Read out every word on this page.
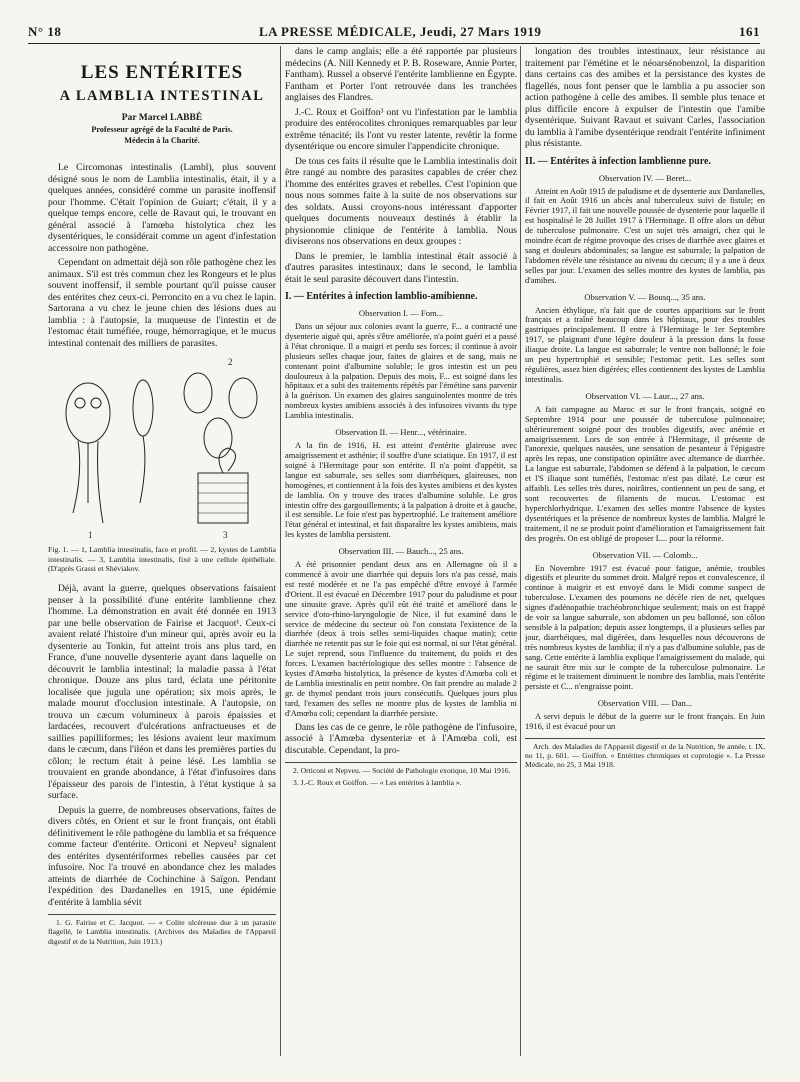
N° 18	LA PRESSE MÉDICALE, Jeudi, 27 Mars 1919	161
LES ENTÉRITES
A LAMBLIA INTESTINAL
Par Marcel LABBÉ
Professeur agrégé de la Faculté de Paris.
Médecin à la Charité.

Le Circomonas intestinalis (Lambl), plus souvent désigné sous le nom de Lamblia intestinalis, était, il y a quelques années, considéré comme un parasite inoffensif pour l'homme. C'était l'opinion de Guiart; c'était, il y a quelque temps encore, celle de Ravaut qui, le trouvant en général associé à l'amœba histolytica chez les dysentériques, le considérait comme un agent d'infestation accessoire non pathogène.

Cependant on admettait déjà son rôle pathogène chez les animaux. S'il est très commun chez les Rongeurs et le plus souvent inoffensif, il semble pourtant qu'il puisse causer des entérites chez ceux-ci. Perroncito en a vu chez le lapin. Sartorana a vu chez le jeune chien des lésions dues au lamblia : à l'autopsie, la muqueuse de l'intestin et de l'estomac était tuméfiée, rouge, hémorragique, et le mucus intestinal contenait des milliers de parasites.

1
2
3
Fig. 1. — 1, Lamblia intestinalis, face et profil. — 2, kystes de Lamblia intestinalis. — 3, Lamblia intestinalis, fixé à une cellule épithéliale. (D'après Grassi et Shéviakov.

Déjà, avant la guerre, quelques observations faisaient penser à la possibilité d'une entérite lamblienne chez l'homme. La démonstration en avait été donnée en 1913 par une belle observation de Fairise et Jacquot¹. Ceux-ci avaient relaté l'histoire d'un mineur qui, après avoir eu la dysenterie au Tonkin, fut atteint trois ans plus tard, en France, d'une nouvelle dysenterie ayant dans laquelle on découvrit le lamblia intestinal; la maladie passa à l'état chronique. Douze ans plus tard, éclata une péritonite localisée que jugula une opération; six mois après, le malade mourut d'occlusion intestinale. A l'autopsie, on trouva un cæcum volumineux à parois épaissies et lardacées, recouvert d'ulcérations anfractueuses et de saillies papilliformes; les lésions avaient leur maximum dans le cæcum, dans l'iléon et dans les premières parties du côlon; le rectum était à peine lésé. Les lamblia se trouvaient en grande abondance, à l'état d'infusoires dans l'épaisseur des parois de l'intestin, à l'état kystique à sa surface.

Depuis la guerre, de nombreuses observations, faites de divers côtés, en Orient et sur le front français, ont établi définitivement le rôle pathogène du lamblia et sa fréquence comme facteur d'entérite. Orticoni et Nepveu² signalent des entérites dysentériformes rebelles causées par cet infusoire. Noc l'a trouvé en abondance chez les malades atteints de diarrhée de Cochinchine à Saïgon. Pendant l'expédition des Dardanelles en 1915, une épidémie d'entérite à lamblia sévit

1. G. Fairise et C. Jacquot. — « Colite ulcéreuse due à un parasite flagellé, le Lamblia intestinalis. (Archives des Maladies de l'Appareil digestif et de la Nutrition, Juin 1913.)

dans le camp anglais; elle a été rapportée par plusieurs médecins (A. Nill Kennedy et P. B. Roseware, Annie Porter, Fantham). Russel a observé l'entérite lamblienne en Égypte. Fantham et Porter l'ont retrouvée dans les tranchées anglaises des Flandres.

J.-C. Roux et Goiffon³ ont vu l'infestation par le lamblia produire des entérocolites chroniques remarquables par leur extrême ténacité; ils l'ont vu rester latente, revêtir la forme dysentérique ou encore simuler l'appendicite chronique.

De tous ces faits il résulte que le Lamblia intestinalis doit être rangé au nombre des parasites capables de créer chez l'homme des entérites graves et rebelles. C'est l'opinion que nous nous sommes faite à la suite de nos observations sur des soldats. Aussi croyons-nous intéressant d'apporter quelques documents nouveaux destinés à établir la physionomie clinique de l'entérite à lamblia. Nous diviserons nos observations en deux groupes :

Dans le premier, le lamblia intestinal était associé à d'autres parasites intestinaux; dans le second, le lamblia était le seul parasite découvert dans l'intestin.

I. — Entérites à infection lamblio-amibienne.
Observation I. — Fom...

Dans un séjour aux colonies avant la guerre, F... a contracté une dysenterie aiguë qui, après s'être améliorée, n'a point guéri et a passé à l'état chronique. Il a maigri et perdu ses forces; il continue à avoir plusieurs selles chaque jour, faites de glaires et de sang, mais ne contenant point d'albumine soluble; le gros intestin est un peu douloureux à la palpation. Depuis des mois, F... est soigné dans les hôpitaux et a subi des traitements répétés par l'émétine sans parvenir à la guérison. Un examen des glaires sanguinolentes montre de très nombreux kystes amibiens associés à des infusoires vivants du type Lamblia intestinalis.

Observation II. — Henr..., vétérinaire.

A la fin de 1916, H. est atteint d'entérite glaireuse avec amaigrissement et asthénie; il souffre d'une sciatique. En 1917, il est soigné à l'Hermitage pour son entérite. Il n'a point d'appétit, sa langue est saburrale, ses selles sont diarrhéiques, glaireuses, non homogènes, et contiennent à la fois des kystes amibiens et des kystes de lamblia. On y trouve des traces d'albumine soluble. Le gros intestin offre des gargouillements; à la palpation à droite et à gauche, il est sensible. Le foie n'est pas hypertrophié. Le traitement améliore l'état général et intestinal, et fait disparaître les kystes amibiens, mais les kystes de lamblia persistent.

Observation III. — Bauch..., 25 ans.

A été prisonnier pendant deux ans en Allemagne où il a commencé à avoir une diarrhée qui depuis lors n'a pas cessé, mais est resté modérée et ne l'a pas empêché d'être envoyé à l'armée d'Orient. Il est évacué en Décembre 1917 pour du paludisme et pour une sinusite grave. Après qu'il eût été traité et amélioré dans le service d'oto-rhino-laryngologie de Nice, il fut examiné dans le service de médecine du secteur où l'on constata l'existence de la diarrhée (deux à trois selles semi-liquides chaque matin); cette diarrhée ne retentit pas sur le foie qui est normal, ni sur l'état général. Le sujet reprend, sous l'influence du traitement, du poids et des forces. L'examen bactériologique des selles montre : l'absence de kystes d'Amœba histolytica, la présence de kystes d'Amœba coli et de Lamblia intestinalis en petit nombre. On fait prendre au malade 2 gr. de thymol pendant trois jours consécutifs. Quelques jours plus tard, l'examen des selles ne montre plus de kystes de lamblia ni d'Amœba coli; cependant la diarrhée persiste.

Dans les cas de ce genre, le rôle pathogène de l'infusoire, associé à l'Amœba dysenteriæ et à l'Amœba coli, est discutable. Cependant, la pro-

2. Orticoni et Nepveu. — Société de Pathologie exotique, 10 Mai 1916.

3. J.-C. Roux et Goiffon. — « Les entérites à lamblia ».

longation des troubles intestinaux, leur résistance au traitement par l'émétine et le néoarsénobenzol, la disparition dans certains cas des amibes et la persistance des kystes de flagellés, nous font penser que le lamblia a pu associer son action pathogène à celle des amibes. Il semble plus tenace et plus difficile encore à expulser de l'intestin que l'amibe dysentérique. Suivant Ravaut et suivant Carles, l'association du lamblia à l'amibe dysentérique rendrait l'entérite infiniment plus résistante.

II. — Entérites à infection lamblienne pure.
Observation IV. — Beret...

Atteint en Août 1915 de paludisme et de dysenterie aux Dardanelles, il fait en Août 1916 un abcès anal tuberculeux suivi de fistule; en Février 1917, il fait une nouvelle poussée de dysenterie pour laquelle il est hospitalisé le 28 Juillet 1917 à l'Hermitage. Il offre alors un début de tuberculose pulmonaire. C'est un sujet très amaigri, chez qui le moindre écart de régime provoque des crises de diarrhée avec glaires et sang et douleurs abdominales; sa langue est saburrale; la palpation de l'abdomen révèle une résistance au niveau du cæcum; il y a une à deux selles par jour. L'examen des selles montre des kystes de lamblia, pas d'amibes.

Observation V. — Bousq..., 35 ans.

Ancien éthylique, n'a fait que de courtes apparitions sur le front français et a traîné beaucoup dans les hôpitaux, pour des troubles gastriques principalement. Il entre à l'Hermitage le 1er Septembre 1917, se plaignant d'une légère douleur à la pression dans la fosse iliaque droite. La langue est saburrale; le ventre non ballonné; le foie un peu hypertrophié et sensible; l'estomac petit. Les selles sont régulières, assez bien digérées; elles contiennent des kystes de Lamblia intestinalis.

Observation VI. — Laur..., 27 ans.

A fait campagne au Maroc et sur le front français, soigné en Septembre 1914 pour une poussée de tuberculose pulmonaire; ultérieurement soigné pour des troubles digestifs, avec anémie et amaigrissement. Lors de son entrée à l'Hermitage, il présente de l'anorexie, quelques nausées, une sensation de pesanteur à l'épigastre après les repas, une constipation opiniâtre avec alternance de diarrhée. La langue est saburrale, l'abdomen se défend à la palpation, le cæcum et l'S iliaque sont tuméfiés, l'estomac n'est pas dilaté. Le cœur est affaibli. Les selles très dures, noirâtres, contiennent un peu de sang, et sont recouvertes de filaments de mucus. L'estomac est hyperchlorhydrique. L'examen des selles montre l'absence de kystes dysentériques et la présence de nombreux kystes de lamblia. Malgré le traitement, il ne se produit point d'amélioration et l'amaigrissement fait des progrès. On est obligé de proposer L... pour la réforme.

Observation VII. — Colomb...

En Novembre 1917 est évacué pour fatigue, anémie, troubles digestifs et pleurite du sommet droit. Malgré repos et convalescence, il continue à maigrir et est envoyé dans le Midi comme suspect de tuberculose. L'examen des poumons ne décèle rien de net, quelques signes d'adénopathie trachéobronchique seulement; mais on est frappé de voir sa langue saburrale, son abdomen un peu ballonné, son côlon sensible à la palpation; depuis assez longtemps, il a plusieurs selles par jour, diarrhéiques, mal digérées, dans lesquelles nous découvrons de très nombreux kystes de lamblia; il n'y a pas d'albumine soluble, pas de sang. Cette entérite à lamblia explique l'amaigrissement du malade, qui ne saurait être mis sur le compte de la tuberculose pulmonaire. Le régime et le traitement diminuent le nombre des lamblia, mais l'entérite persiste et C... n'engraisse point.

Observation VIII. — Dan...

A servi depuis le début de la guerre sur le front français. En Juin 1916, il est évacué pour un

Arch. des Maladies de l'Appareil digestif et de la Nutrition, 9e année, t. IX, no 11, p. 601. — Goiffon. « Entérites chroniques et coprologie ». La Presse Médicale, no 25, 3 Mai 1918.
